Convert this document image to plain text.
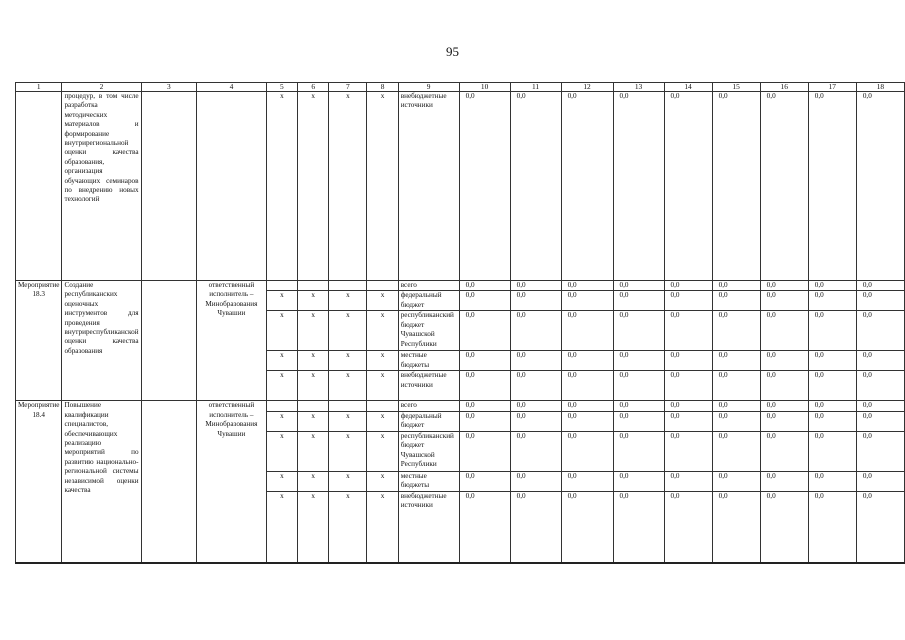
95
1	2	3	4	5	6	7	8	9	10	11	12	13	14	15	16	17	18
	процедур, в том числе разработка методических материалов и формирование внутрирегиональной оценки качества образования, организация обучающих семинаров по внедрению новых технологий			x	x	x	x	внебюджетные источники	0,0	0,0	0,0	0,0	0,0	0,0	0,0	0,0	0,0
Мероприятие 18.3	Создание республиканских оценочных инструментов для проведения внутриреспубликанской оценки качества образования		ответственный исполнитель – Минобразования Чувашии					всего	0,0	0,0	0,0	0,0	0,0	0,0	0,0	0,0	0,0
				x	x	x	x	федеральный бюджет	0,0	0,0	0,0	0,0	0,0	0,0	0,0	0,0	0,0
				x	x	x	x	республиканский бюджет Чувашской Республики	0,0	0,0	0,0	0,0	0,0	0,0	0,0	0,0	0,0
				x	x	x	x	местные бюджеты	0,0	0,0	0,0	0,0	0,0	0,0	0,0	0,0	0,0
				x	x	x	x	внебюджетные источники	0,0	0,0	0,0	0,0	0,0	0,0	0,0	0,0	0,0
Мероприятие 18.4	Повышение квалификации специалистов, обеспечивающих реализацию мероприятий по развитию национально-региональной системы независимой оценки качества		ответственный исполнитель – Минобразования Чувашии					всего	0,0	0,0	0,0	0,0	0,0	0,0	0,0	0,0	0,0
				x	x	x	x	федеральный бюджет	0,0	0,0	0,0	0,0	0,0	0,0	0,0	0,0	0,0
				x	x	x	x	республиканский бюджет Чувашской Республики	0,0	0,0	0,0	0,0	0,0	0,0	0,0	0,0	0,0
				x	x	x	x	местные бюджеты	0,0	0,0	0,0	0,0	0,0	0,0	0,0	0,0	0,0
				x	x	x	x	внебюджетные источники	0,0	0,0	0,0	0,0	0,0	0,0	0,0	0,0	0,0
